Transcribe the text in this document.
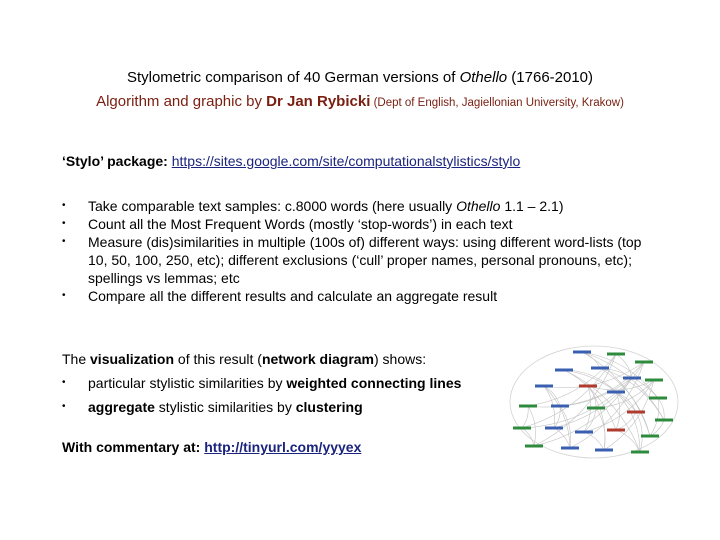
Stylometric comparison of 40 German versions of Othello (1766-2010)
Algorithm and graphic by Dr Jan Rybicki (Dept of English, Jagiellonian University, Krakow)
‘Stylo’ package: https://sites.google.com/site/computationalstylistics/stylo
• Take comparable text samples: c.8000 words (here usually Othello 1.1 – 2.1)
• Count all the Most Frequent Words (mostly ‘stop-words’) in each text
• Measure (dis)similarities in multiple (100s of) different ways: using different word-lists (top 10, 50, 100, 250, etc); different exclusions (‘cull’ proper names, personal pronouns, etc); spellings vs lemmas; etc
• Compare all the different results and calculate an aggregate result
The visualization of this result (network diagram) shows:
• particular stylistic similarities by weighted connecting lines
• aggregate stylistic similarities by clustering
With commentary at: http://tinyurl.com/yyyex
